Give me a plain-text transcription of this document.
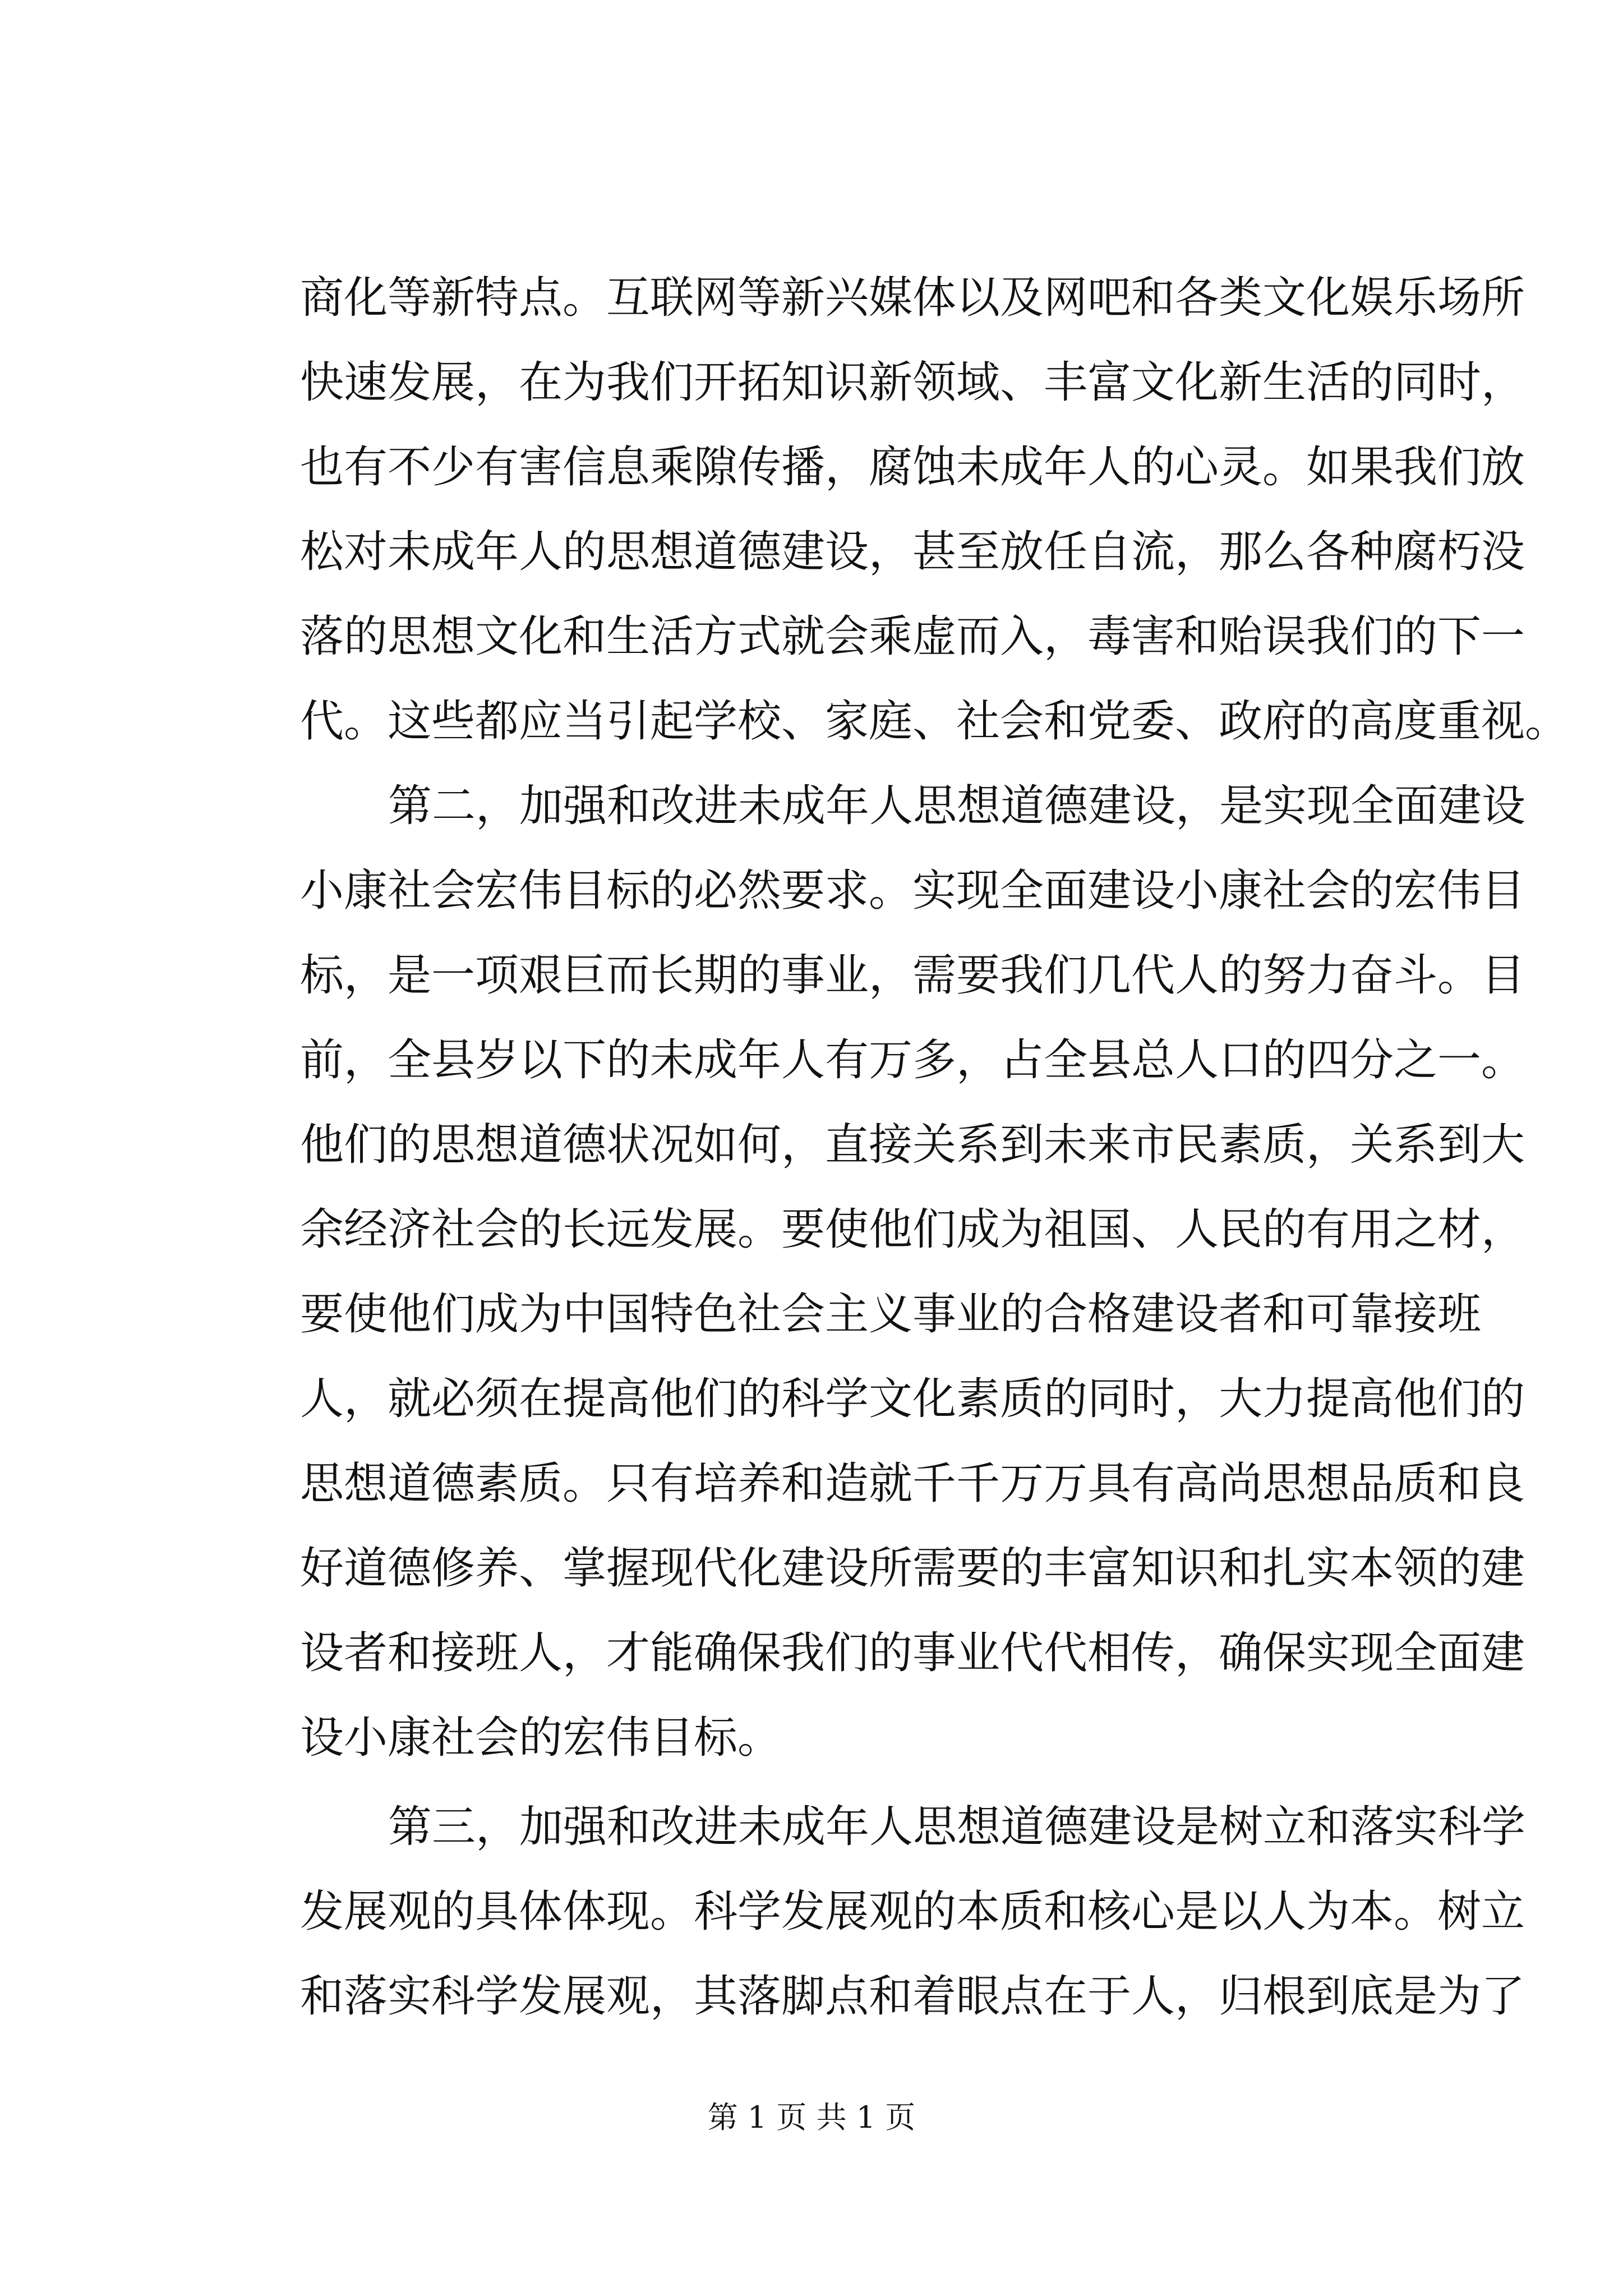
商化等新特点。互联网等新兴媒体以及网吧和各类文化娱乐场所
快速发展，在为我们开拓知识新领域、丰富文化新生活的同时，
也有不少有害信息乘隙传播，腐蚀未成年人的心灵。如果我们放
松对未成年人的思想道德建设，甚至放任自流，那么各种腐朽没
落的思想文化和生活方式就会乘虚而入，毒害和贻误我们的下一
代。这些都应当引起学校、家庭、社会和党委、政府的高度重视。
第二，加强和改进未成年人思想道德建设，是实现全面建设
小康社会宏伟目标的必然要求。实现全面建设小康社会的宏伟目
标，是一项艰巨而长期的事业，需要我们几代人的努力奋斗。目
前，全县岁以下的未成年人有万多，占全县总人口的四分之一。
他们的思想道德状况如何，直接关系到未来市民素质，关系到大
余经济社会的长远发展。要使他们成为祖国、人民的有用之材，
要使他们成为中国特色社会主义事业的合格建设者和可靠接班
人，就必须在提高他们的科学文化素质的同时，大力提高他们的
思想道德素质。只有培养和造就千千万万具有高尚思想品质和良
好道德修养、掌握现代化建设所需要的丰富知识和扎实本领的建
设者和接班人，才能确保我们的事业代代相传，确保实现全面建
设小康社会的宏伟目标。
第三，加强和改进未成年人思想道德建设是树立和落实科学
发展观的具体体现。科学发展观的本质和核心是以人为本。树立
和落实科学发展观，其落脚点和着眼点在于人，归根到底是为了
第 1 页 共 1 页
